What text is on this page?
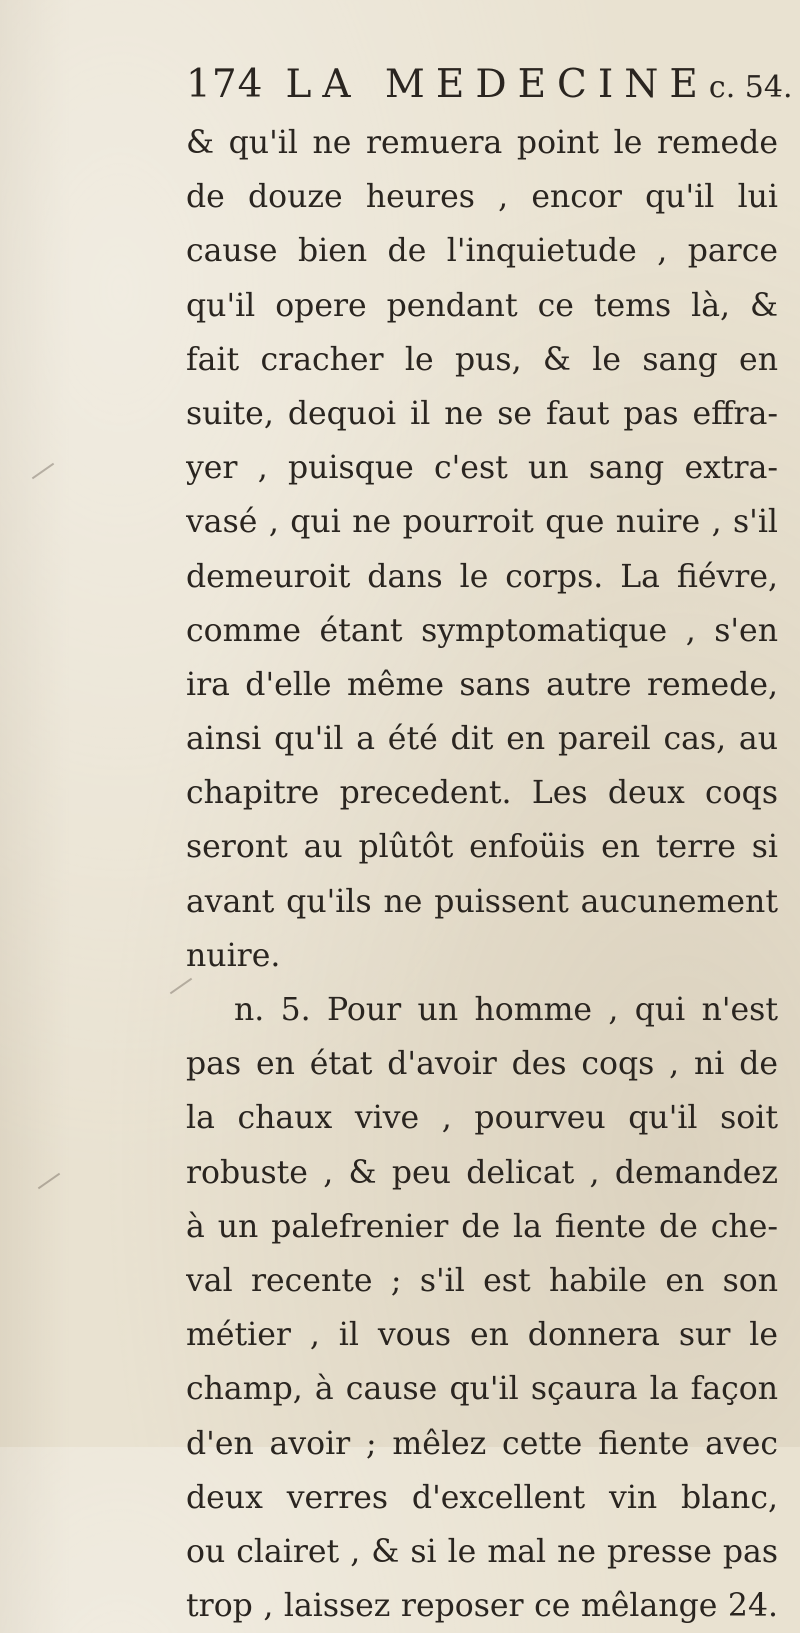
174 LA MEDECINE c. 54.
& qu'il ne remuera point le remede
de douze heures , encor qu'il lui
cause bien de l'inquietude , parce
qu'il opere pendant ce tems là, &
fait cracher le pus, & le sang en
suite, dequoi il ne se faut pas effra-
yer , puisque c'est un sang extra-
vasé , qui ne pourroit que nuire , s'il
demeuroit dans le corps. La fiévre,
comme étant symptomatique , s'en
ira d'elle même sans autre remede,
ainsi qu'il a été dit en pareil cas, au
chapitre precedent. Les deux coqs
seront au plûtôt enfoüis en terre si
avant qu'ils ne puissent aucunement
nuire.
n. 5. Pour un homme , qui n'est
pas en état d'avoir des coqs , ni de
la chaux vive , pourveu qu'il soit
robuste , & peu delicat , demandez
à un palefrenier de la fiente de che-
val recente ; s'il est habile en son
métier , il vous en donnera sur le
champ, à cause qu'il sçaura la façon
d'en avoir ; mêlez cette fiente avec
deux verres d'excellent vin blanc,
ou clairet , & si le mal ne presse pas
trop , laissez reposer ce mêlange 24.
